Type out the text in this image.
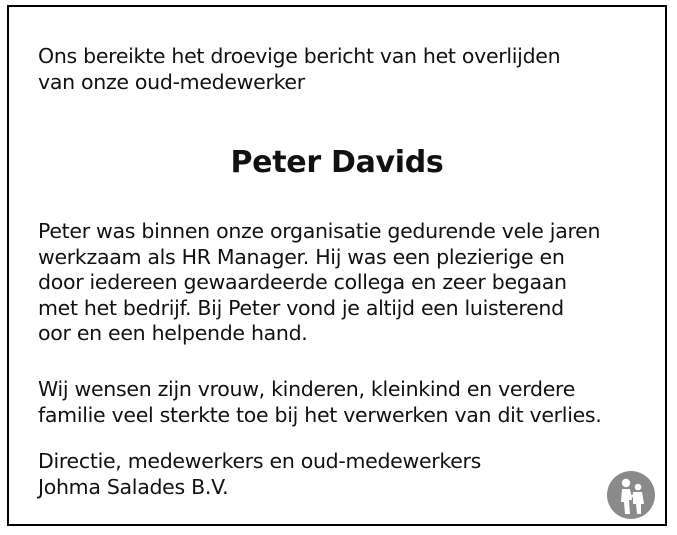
Ons bereikte het droevige bericht van het overlijden
van onze oud-medewerker
Peter Davids
Peter was binnen onze organisatie gedurende vele jaren
werkzaam als HR Manager. Hij was een plezierige en
door iedereen gewaardeerde collega en zeer begaan
met het bedrijf. Bij Peter vond je altijd een luisterend
oor en een helpende hand.
Wij wensen zijn vrouw, kinderen, kleinkind en verdere
familie veel sterkte toe bij het verwerken van dit verlies.
Directie, medewerkers en oud-medewerkers
Johma Salades B.V.
